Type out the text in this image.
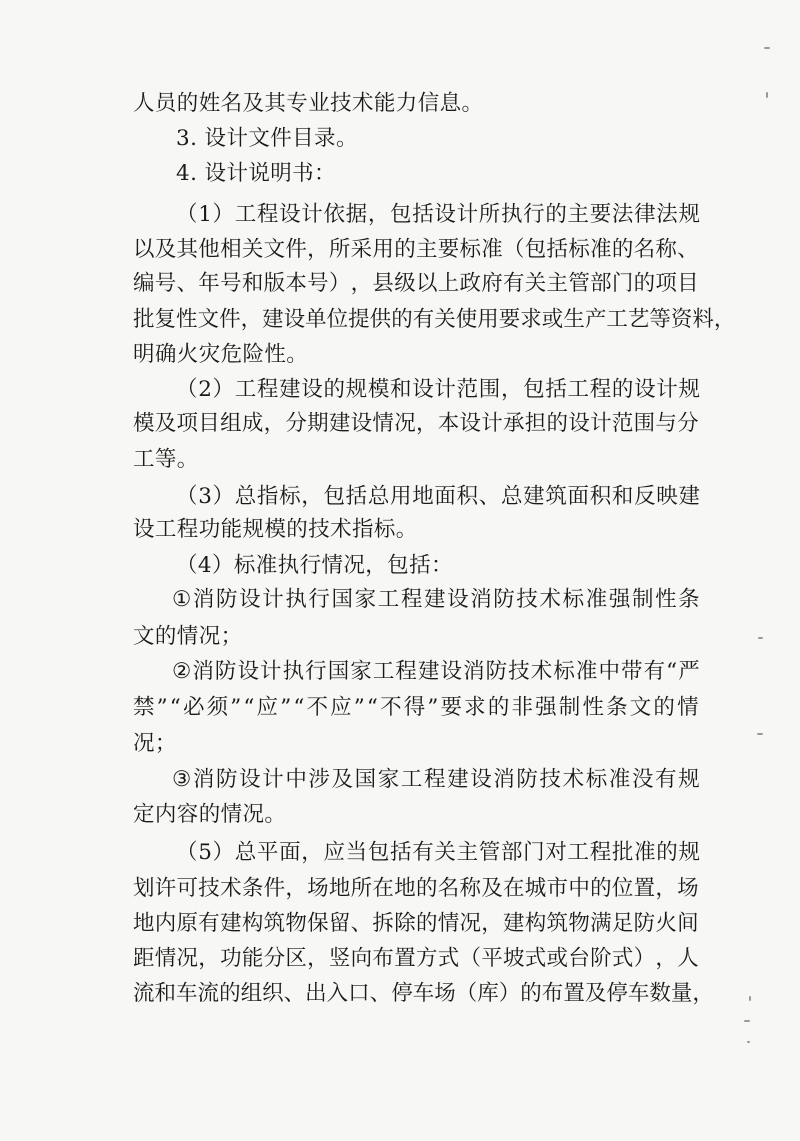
人员的姓名及其专业技术能力信息。
3. 设计文件目录。
4. 设计说明书：
（ 1 ） 工 程 设 计 依 据 ， 包 括 设 计 所 执 行 的 主 要 法 律 法 规
以 及 其 他 相 关 文 件 ， 所 采 用 的 主 要 标 准 （ 包 括 标 准 的 名 称 、
编 号 、 年 号 和 版 本 号 ） ， 县 级 以 上 政 府 有 关 主 管 部 门 的 项 目
批 复 性 文 件 ， 建 设 单 位 提 供 的 有 关 使 用 要 求 或 生 产 工 艺 等 资 料 ，
明确火灾危险性。
（ 2 ） 工 程 建 设 的 规 模 和 设 计 范 围 ， 包 括 工 程 的 设 计 规
模 及 项 目 组 成 ， 分 期 建 设 情 况 ， 本 设 计 承 担 的 设 计 范 围 与 分
工等。
（ 3 ） 总 指 标 ， 包 括 总 用 地 面 积 、 总 建 筑 面 积 和 反 映 建
设工程功能规模的技术指标。
（4）标准执行情况，包括：
① 消 防 设 计 执 行 国 家 工 程 建 设 消 防 技 术 标 准 强 制 性 条
文的情况；
② 消 防 设 计 执 行 国 家 工 程 建 设 消 防 技 术 标 准 中 带 有 “ 严
禁 ” “ 必 须 ” “ 应 ” “ 不 应 ” “ 不 得 ” 要 求 的 非 强 制 性 条 文 的 情
况；
③ 消 防 设 计 中 涉 及 国 家 工 程 建 设 消 防 技 术 标 准 没 有 规
定内容的情况。
（ 5 ） 总 平 面 ， 应 当 包 括 有 关 主 管 部 门 对 工 程 批 准 的 规
划 许 可 技 术 条 件 ， 场 地 所 在 地 的 名 称 及 在 城 市 中 的 位 置 ， 场
地 内 原 有 建 构 筑 物 保 留 、 拆 除 的 情 况 ， 建 构 筑 物 满 足 防 火 间
距 情 况 ， 功 能 分 区 ， 竖 向 布 置 方 式 （ 平 坡 式 或 台 阶 式 ） ， 人
流 和 车 流 的 组 织 、 出 入 口 、 停 车 场 （ 库 ） 的 布 置 及 停 车 数 量 ，
